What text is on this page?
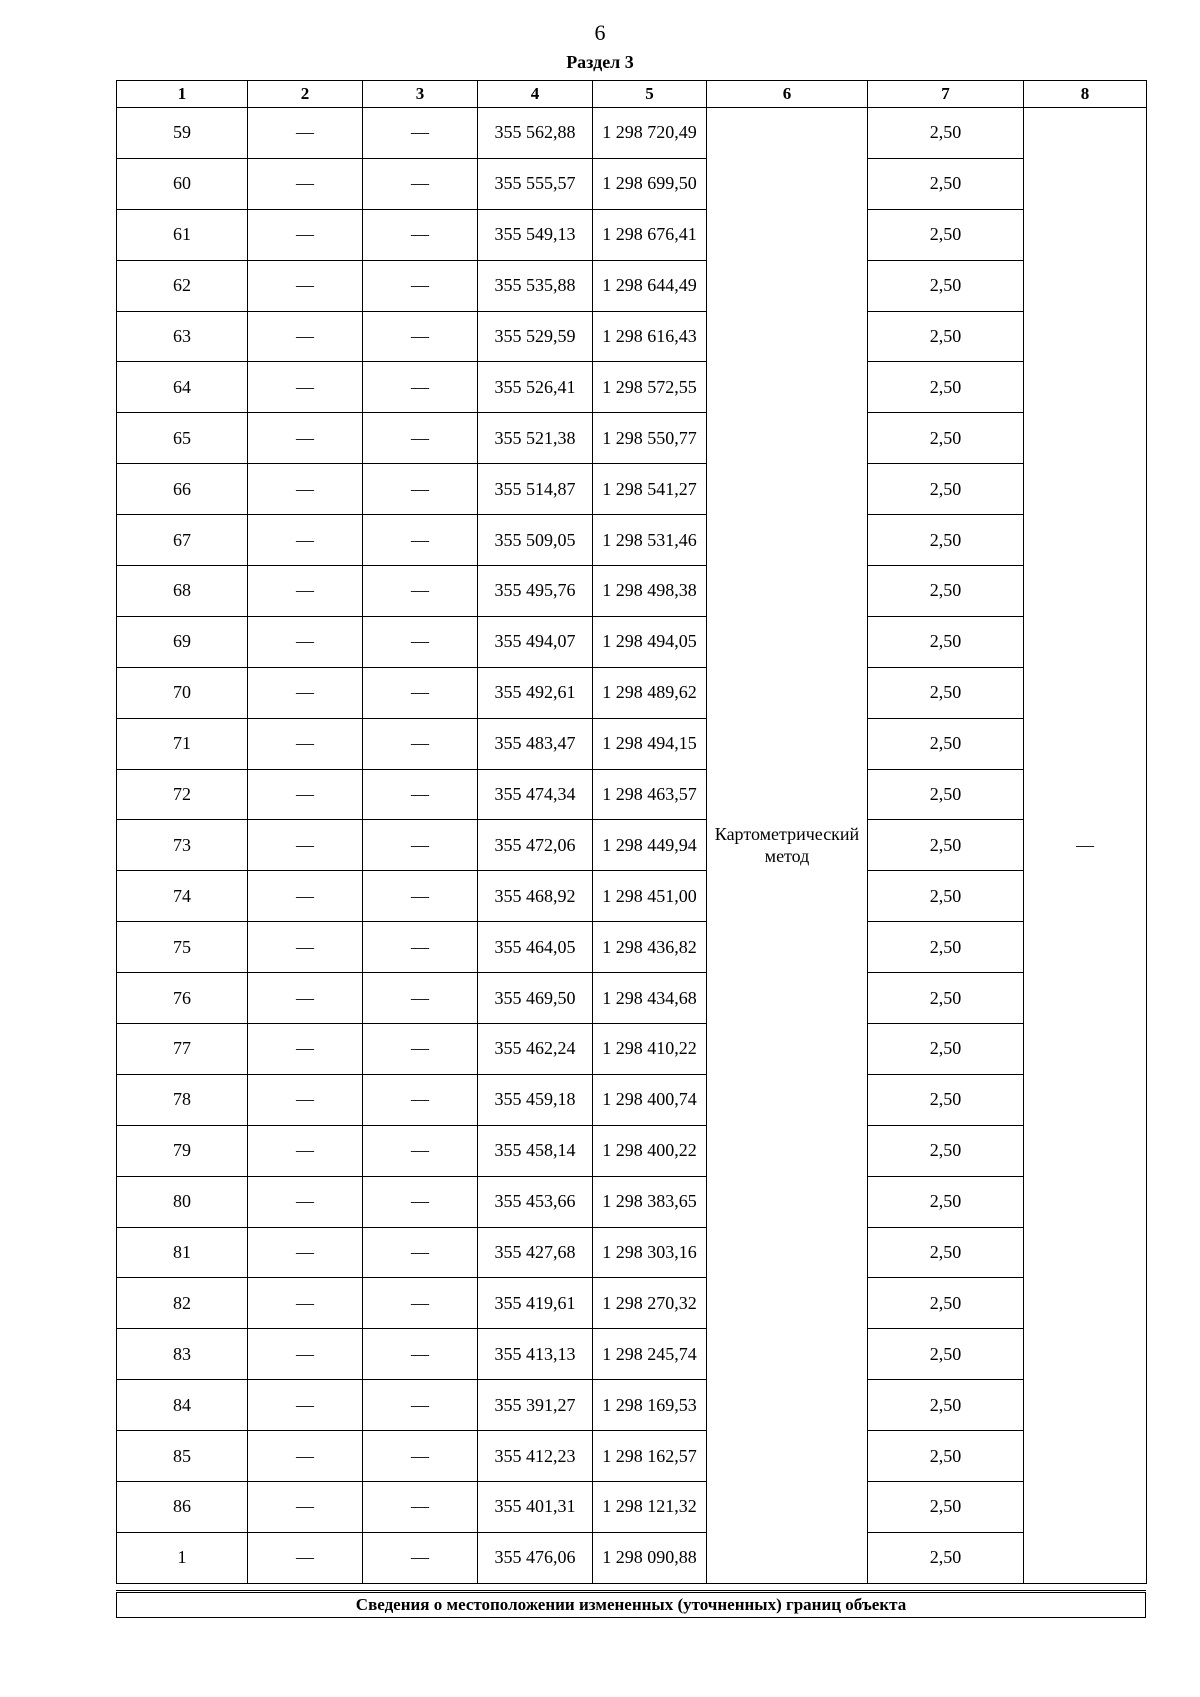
6
Раздел 3
1	2	3	4	5	6	7	8
59	—	—	355 562,88	1 298 720,49	Картометрический метод	2,50	—
60	—	—	355 555,57	1 298 699,50		2,50	
61	—	—	355 549,13	1 298 676,41		2,50	
62	—	—	355 535,88	1 298 644,49		2,50	
63	—	—	355 529,59	1 298 616,43		2,50	
64	—	—	355 526,41	1 298 572,55		2,50	
65	—	—	355 521,38	1 298 550,77		2,50	
66	—	—	355 514,87	1 298 541,27		2,50	
67	—	—	355 509,05	1 298 531,46		2,50	
68	—	—	355 495,76	1 298 498,38		2,50	
69	—	—	355 494,07	1 298 494,05		2,50	
70	—	—	355 492,61	1 298 489,62		2,50	
71	—	—	355 483,47	1 298 494,15		2,50	
72	—	—	355 474,34	1 298 463,57		2,50	
73	—	—	355 472,06	1 298 449,94		2,50	
74	—	—	355 468,92	1 298 451,00		2,50	
75	—	—	355 464,05	1 298 436,82		2,50	
76	—	—	355 469,50	1 298 434,68		2,50	
77	—	—	355 462,24	1 298 410,22		2,50	
78	—	—	355 459,18	1 298 400,74		2,50	
79	—	—	355 458,14	1 298 400,22		2,50	
80	—	—	355 453,66	1 298 383,65		2,50	
81	—	—	355 427,68	1 298 303,16		2,50	
82	—	—	355 419,61	1 298 270,32		2,50	
83	—	—	355 413,13	1 298 245,74		2,50	
84	—	—	355 391,27	1 298 169,53		2,50	
85	—	—	355 412,23	1 298 162,57		2,50	
86	—	—	355 401,31	1 298 121,32		2,50	
1	—	—	355 476,06	1 298 090,88		2,50	
Сведения о местоположении измененных (уточненных) границ объекта
